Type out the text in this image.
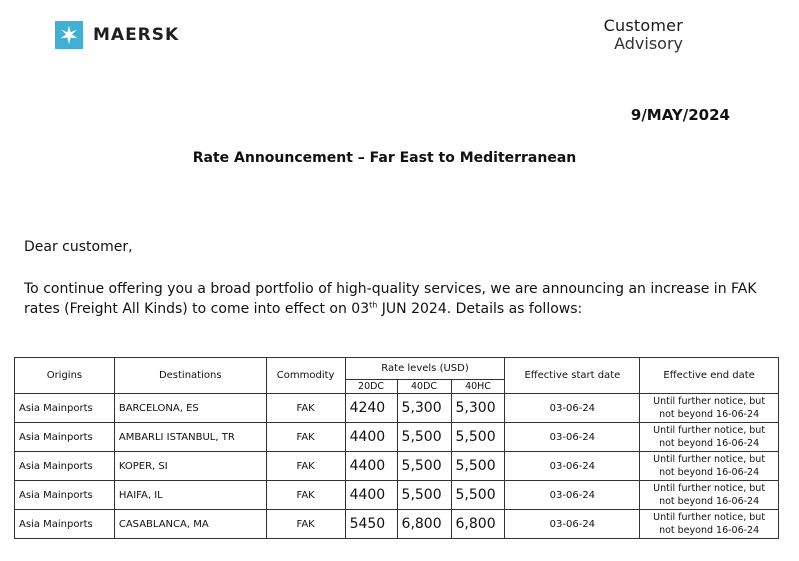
MAERSK	Customer
Advisory
9/MAY/2024
Rate Announcement – Far East to Mediterranean
Dear customer,
To continue offering you a broad portfolio of high-quality services, we are announcing an increase in FAK rates (Freight All Kinds) to come into effect on 03th JUN 2024. Details as follows:
Origins	Destinations	Commodity	Rate levels (USD)			Effective start date	Effective end date
			20DC	40DC	40HC		
Asia Mainports	BARCELONA, ES	FAK	4240	5,300	5,300	03-06-24	Until further notice, but
not beyond 16-06-24

Asia Mainports	AMBARLI ISTANBUL, TR	FAK	4400	5,500	5,500	03-06-24	Until further notice, but
not beyond 16-06-24

Asia Mainports	KOPER, SI	FAK	4400	5,500	5,500	03-06-24	Until further notice, but
not beyond 16-06-24

Asia Mainports	HAIFA, IL	FAK	4400	5,500	5,500	03-06-24	Until further notice, but
not beyond 16-06-24

Asia Mainports	CASABLANCA, MA	FAK	5450	6,800	6,800	03-06-24	Until further notice, but
not beyond 16-06-24
